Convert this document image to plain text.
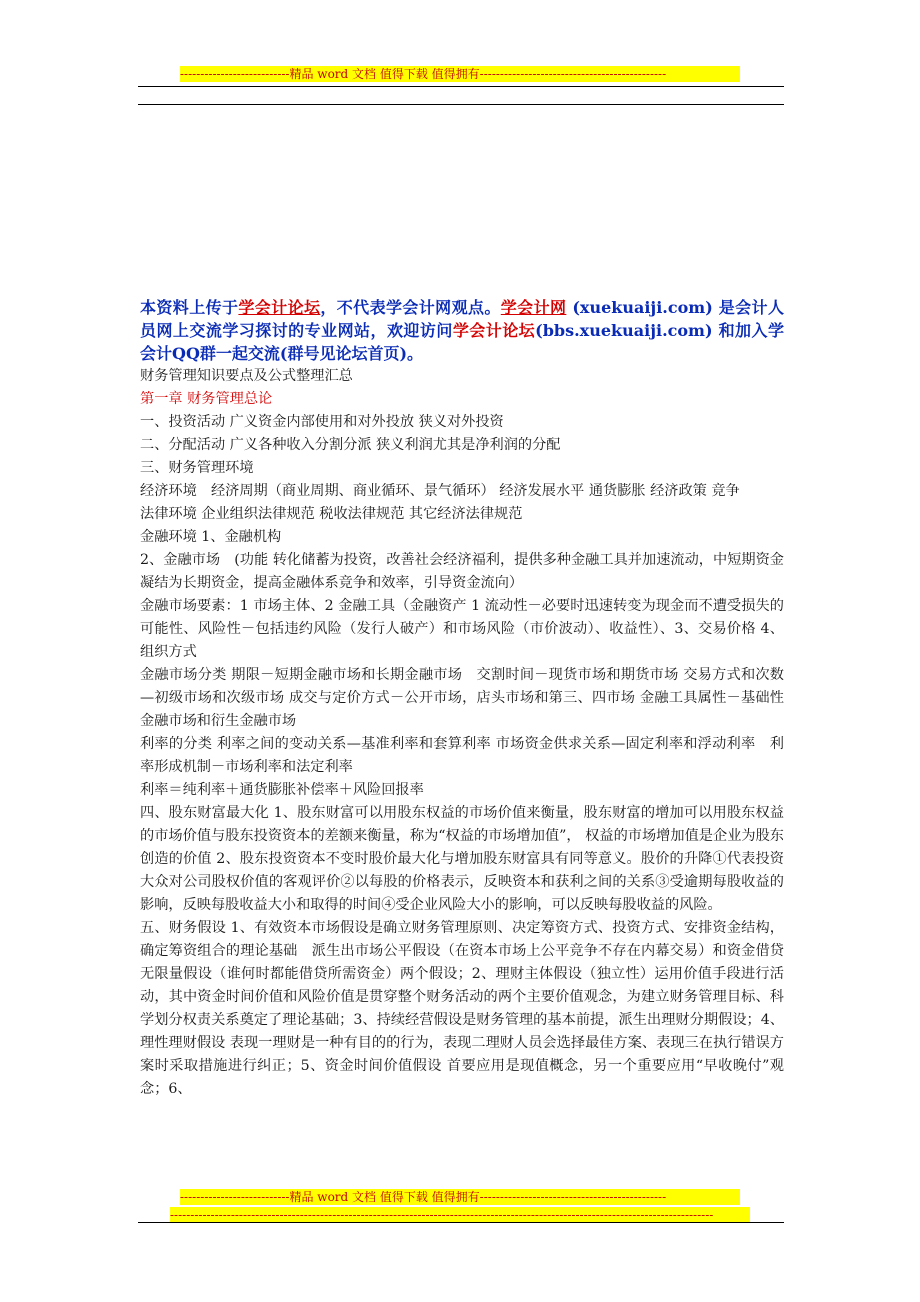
---------------------------精品 word 文档 值得下载 值得拥有----------------------------------------------
本资料上传于学会计论坛，不代表学会计网观点。学会计网 (xuekuaiji.com) 是会计人员网上交流学习探讨的专业网站，欢迎访问学会计论坛(bbs.xuekuaiji.com) 和加入学会计QQ群一起交流(群号见论坛首页)。

财务管理知识要点及公式整理汇总

第一章 财务管理总论

一、投资活动 广义资金内部使用和对外投放 狭义对外投资

二、分配活动 广义各种收入分割分派 狭义利润尤其是净利润的分配

三、财务管理环境

经济环境　经济周期（商业周期、商业循环、景气循环） 经济发展水平 通货膨胀 经济政策 竞争

法律环境 企业组织法律规范 税收法律规范 其它经济法律规范

金融环境 1、金融机构

2、金融市场　(功能 转化储蓄为投资，改善社会经济福利，提供多种金融工具并加速流动，中短期资金凝结为长期资金，提高金融体系竞争和效率，引导资金流向）

金融市场要素：1 市场主体、2 金融工具（金融资产 1 流动性－必要时迅速转变为现金而不遭受损失的可能性、风险性－包括违约风险（发行人破产）和市场风险（市价波动）、收益性）、3、交易价格 4、组织方式

金融市场分类 期限－短期金融市场和长期金融市场　交割时间－现货市场和期货市场 交易方式和次数—初级市场和次级市场 成交与定价方式－公开市场，店头市场和第三、四市场 金融工具属性－基础性金融市场和衍生金融市场

利率的分类 利率之间的变动关系—基准利率和套算利率 市场资金供求关系—固定利率和浮动利率　利率形成机制－市场利率和法定利率

利率＝纯利率＋通货膨胀补偿率＋风险回报率

四、股东财富最大化 1、股东财富可以用股东权益的市场价值来衡量，股东财富的增加可以用股东权益的市场价值与股东投资资本的差额来衡量，称为“权益的市场增加值”， 权益的市场增加值是企业为股东创造的价值 2、股东投资资本不变时股价最大化与增加股东财富具有同等意义。股价的升降①代表投资大众对公司股权价值的客观评价②以每股的价格表示，反映资本和获利之间的关系③受逾期每股收益的影响，反映每股收益大小和取得的时间④受企业风险大小的影响，可以反映每股收益的风险。

五、财务假设 1、有效资本市场假设是确立财务管理原则、决定筹资方式、投资方式、安排资金结构，确定筹资组合的理论基础　派生出市场公平假设（在资本市场上公平竞争不存在内幕交易）和资金借贷无限量假设（谁何时都能借贷所需资金）两个假设；2、理财主体假设（独立性）运用价值手段进行活动，其中资金时间价值和风险价值是贯穿整个财务活动的两个主要价值观念，为建立财务管理目标、科学划分权责关系奠定了理论基础；3、持续经营假设是财务管理的基本前提，派生出理财分期假设；4、理性理财假设 表现一理财是一种有目的的行为，表现二理财人员会选择最佳方案、表现三在执行错误方案时采取措施进行纠正；5、资金时间价值假设 首要应用是现值概念，另一个重要应用“早收晚付”观念；6、

---------------------------精品 word 文档 值得下载 值得拥有----------------------------------------------
--------------------------------------------------------------------------------------------------------------------------------------
